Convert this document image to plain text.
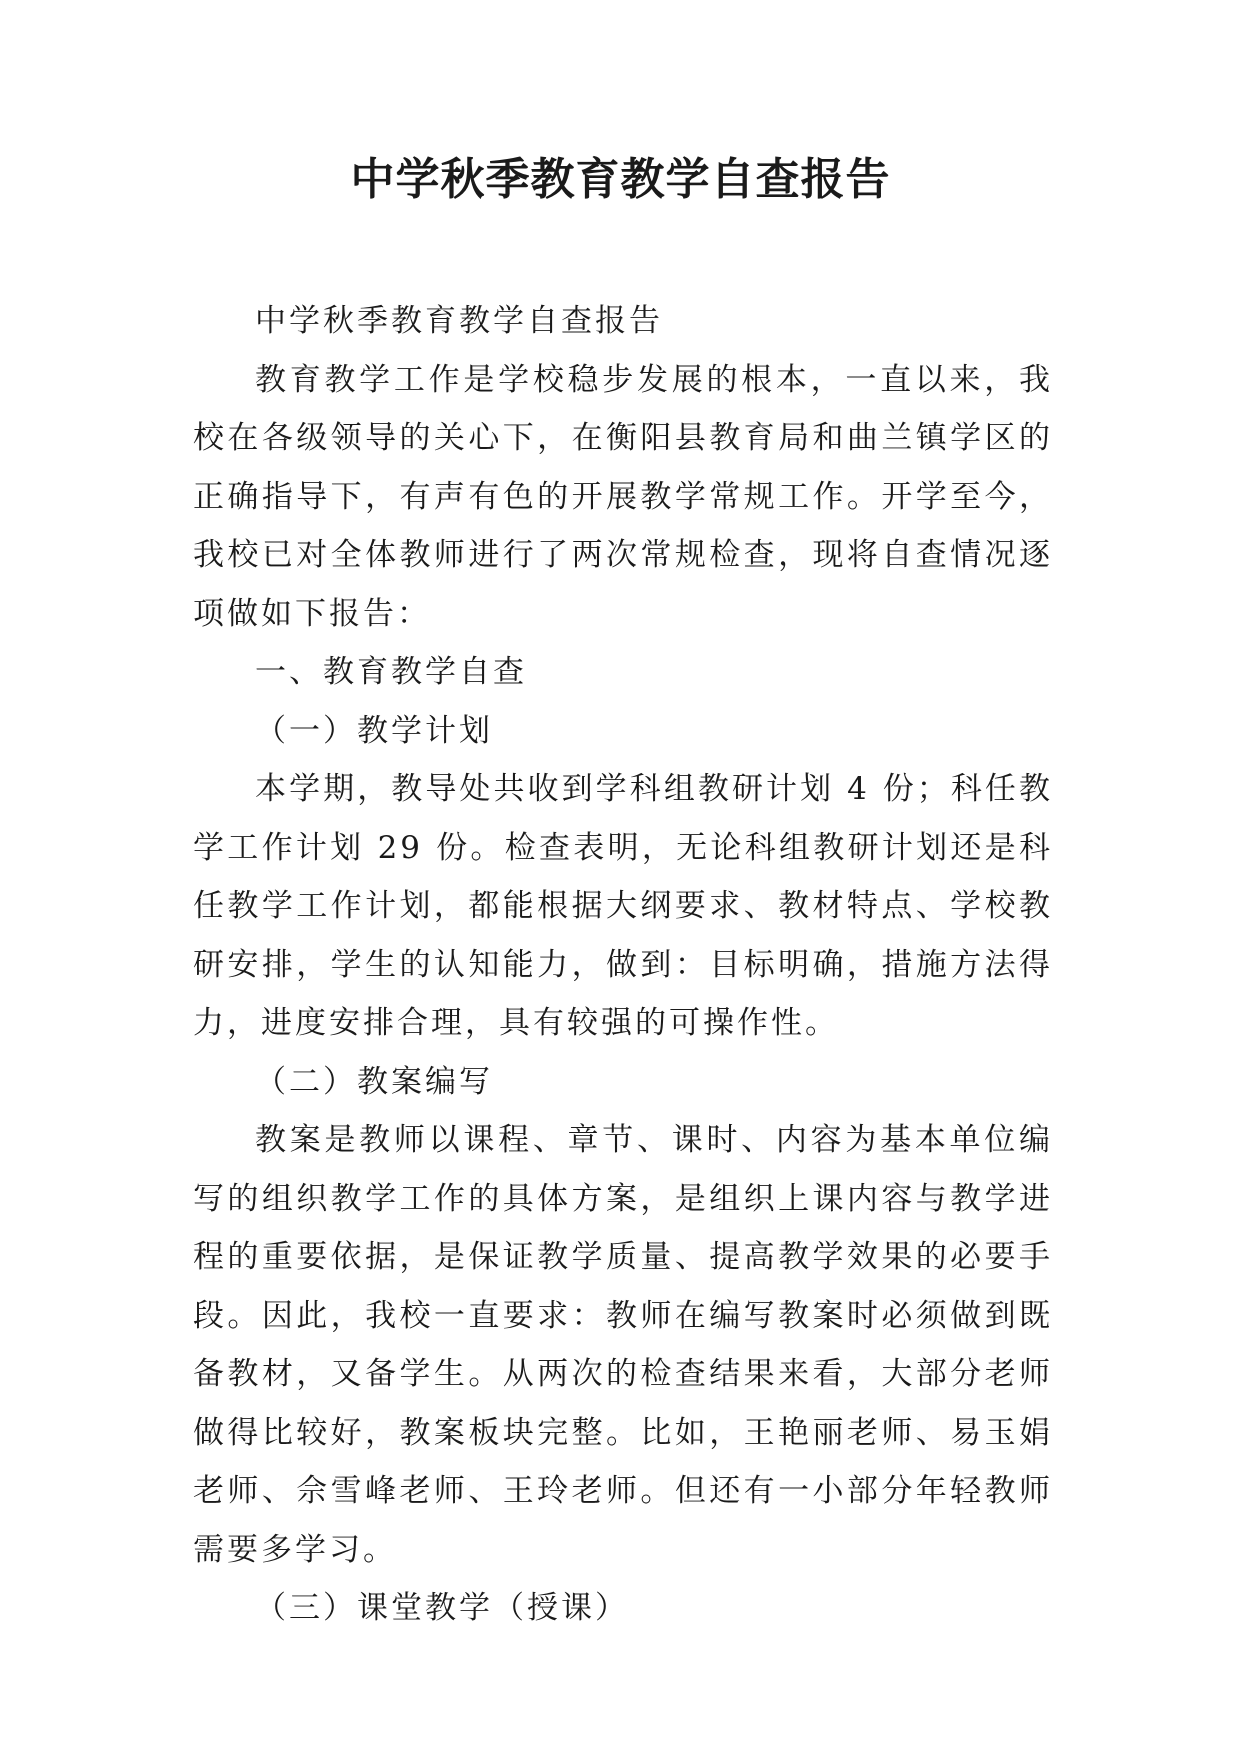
中学秋季教育教学自查报告

中学秋季教育教学自查报告

教育教学工作是学校稳步发展的根本，一直以来，我校在各级领导的关心下，在衡阳县教育局和曲兰镇学区的正确指导下，有声有色的开展教学常规工作。开学至今，我校已对全体教师进行了两次常规检查，现将自查情况逐项做如下报告：

一、教育教学自查

（一）教学计划

本学期，教导处共收到学科组教研计划 4 份；科任教学工作计划 29 份。检查表明，无论科组教研计划还是科任教学工作计划，都能根据大纲要求、教材特点、学校教研安排，学生的认知能力，做到：目标明确，措施方法得力，进度安排合理，具有较强的可操作性。

（二）教案编写

教案是教师以课程、章节、课时、内容为基本单位编写的组织教学工作的具体方案，是组织上课内容与教学进程的重要依据，是保证教学质量、提高教学效果的必要手段。因此，我校一直要求：教师在编写教案时必须做到既备教材，又备学生。从两次的检查结果来看，大部分老师做得比较好，教案板块完整。比如，王艳丽老师、易玉娟老师、佘雪峰老师、王玲老师。但还有一小部分年轻教师需要多学习。

（三）课堂教学（授课）
